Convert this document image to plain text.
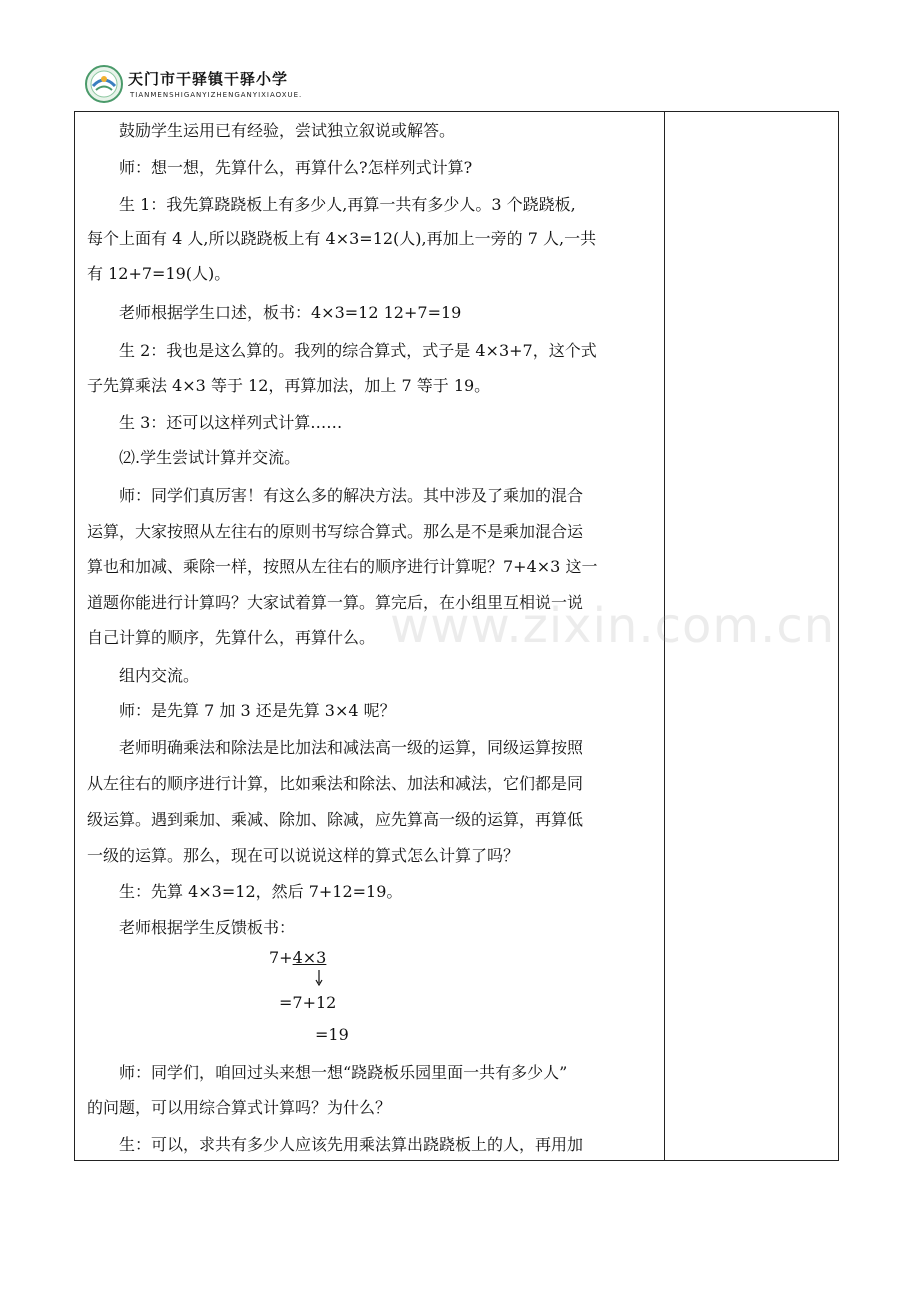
天门市干驿镇干驿小学
TIANMENSHIGANYIZHENGANYIXIAOXUE.
鼓励学生运用已有经验，尝试独立叙说或解答。
师：想一想，先算什么，再算什么?怎样列式计算?
生 1：我先算跷跷板上有多少人,再算一共有多少人。3 个跷跷板,
每个上面有 4 人,所以跷跷板上有 4×3=12(人),再加上一旁的 7 人,一共
有 12+7=19(人)。
老师根据学生口述，板书：4×3=12 12+7=19
生 2：我也是这么算的。我列的综合算式，式子是 4×3+7，这个式
子先算乘法 4×3 等于 12，再算加法，加上 7 等于 19。
生 3：还可以这样列式计算……
⑵.学生尝试计算并交流。
师：同学们真厉害！有这么多的解决方法。其中涉及了乘加的混合
运算，大家按照从左往右的原则书写综合算式。那么是不是乘加混合运
算也和加减、乘除一样，按照从左往右的顺序进行计算呢？7+4×3 这一
道题你能进行计算吗？大家试着算一算。算完后，在小组里互相说一说
自己计算的顺序，先算什么，再算什么。
组内交流。
师：是先算 7 加 3 还是先算 3×4 呢？
老师明确乘法和除法是比加法和减法高一级的运算，同级运算按照
从左往右的顺序进行计算，比如乘法和除法、加法和减法，它们都是同
级运算。遇到乘加、乘减、除加、除减，应先算高一级的运算，再算低
一级的运算。那么，现在可以说说这样的算式怎么计算了吗？
生：先算 4×3=12，然后 7+12=19。
老师根据学生反馈板书：
7+4×3
=7+12
=19
师：同学们，咱回过头来想一想“跷跷板乐园里面一共有多少人”
的问题，可以用综合算式计算吗？为什么？
生：可以，求共有多少人应该先用乘法算出跷跷板上的人，再用加
www.zixin.com.cn
